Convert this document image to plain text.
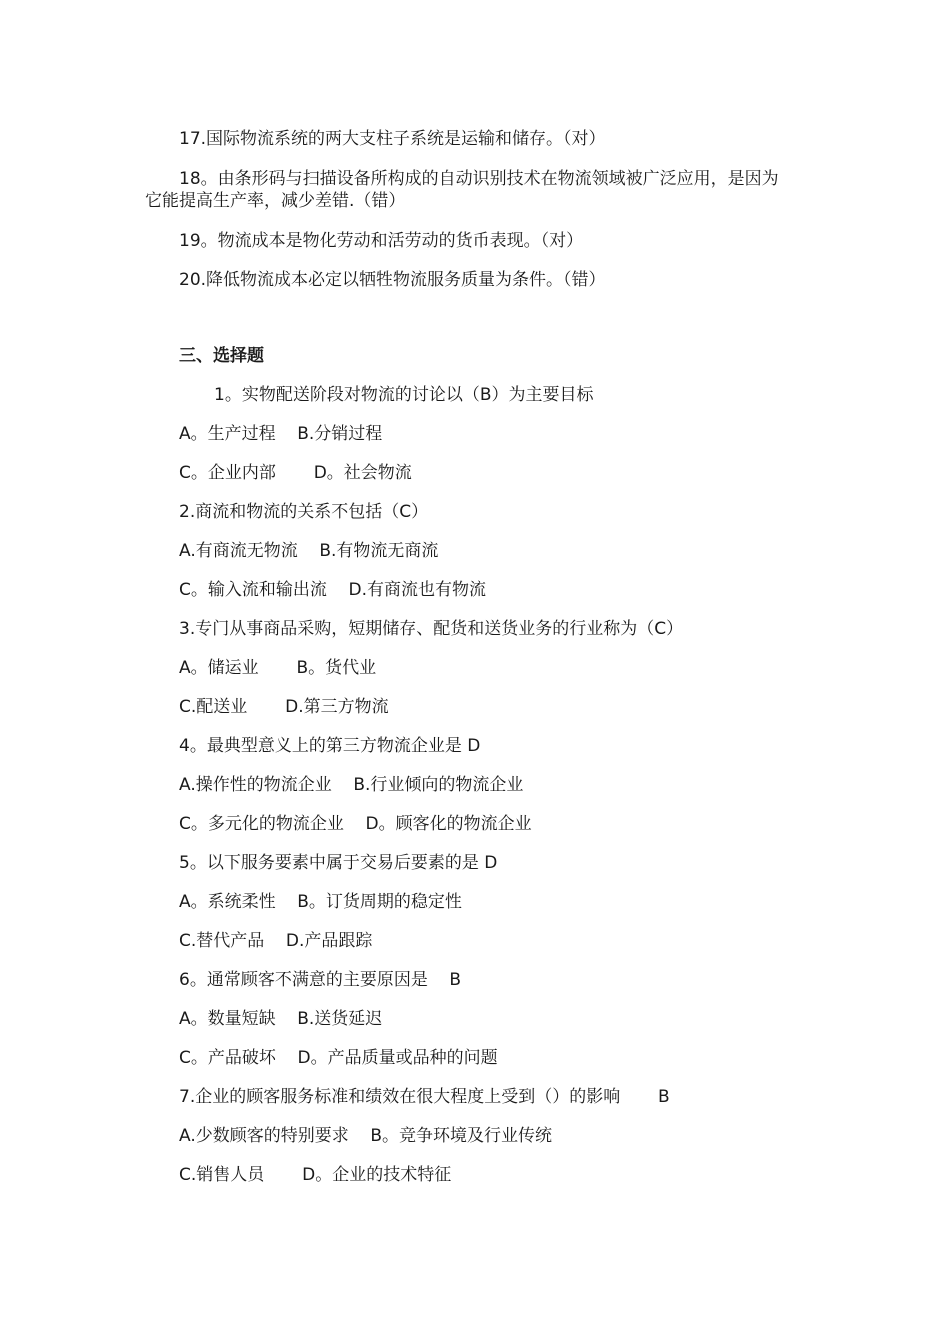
17.国际物流系统的两大支柱子系统是运输和储存。（对）
18。由条形码与扫描设备所构成的自动识别技术在物流领域被广泛应用，是因为
它能提高生产率，减少差错.（错）
19。物流成本是物化劳动和活劳动的货币表现。（对）
20.降低物流成本必定以牺牲物流服务质量为条件。（错）
三、选择题
1。实物配送阶段对物流的讨论以（B）为主要目标
A。生产过程    B.分销过程
C。企业内部       D。社会物流
2.商流和物流的关系不包括（C）
A.有商流无物流    B.有物流无商流
C。输入流和输出流    D.有商流也有物流
3.专门从事商品采购，短期储存、配货和送货业务的行业称为（C）
A。储运业       B。货代业
C.配送业       D.第三方物流
4。最典型意义上的第三方物流企业是 D
A.操作性的物流企业    B.行业倾向的物流企业
C。多元化的物流企业    D。顾客化的物流企业
5。以下服务要素中属于交易后要素的是 D
A。系统柔性    B。订货周期的稳定性
C.替代产品    D.产品跟踪
6。通常顾客不满意的主要原因是    B
A。数量短缺    B.送货延迟
C。产品破坏    D。产品质量或品种的问题
7.企业的顾客服务标准和绩效在很大程度上受到（）的影响       B
A.少数顾客的特别要求    B。竞争环境及行业传统
C.销售人员       D。企业的技术特征
